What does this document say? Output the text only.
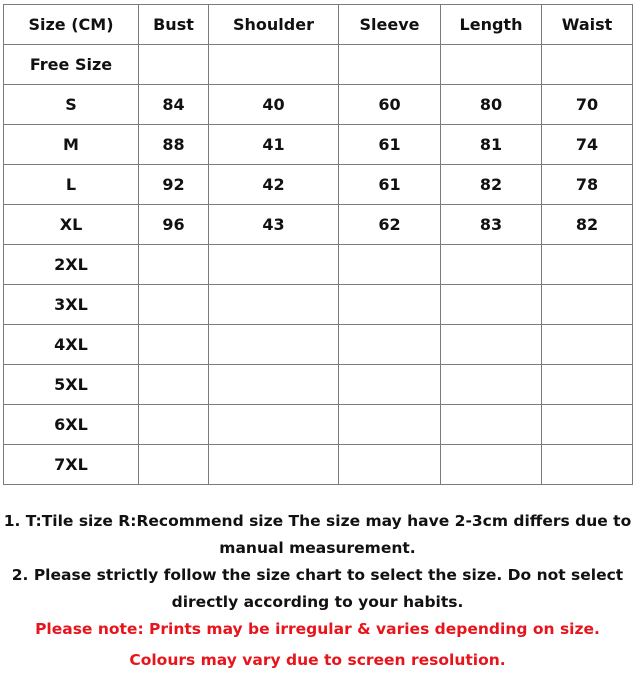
Size (CM)	Bust	Shoulder	Sleeve	Length	Waist
Free Size					
S	84	40	60	80	70
M	88	41	61	81	74
L	92	42	61	82	78
XL	96	43	62	83	82
2XL					
3XL					
4XL					
5XL					
6XL					
7XL					

1. T:Tile size R:Recommend size The size may have 2-3cm differs due to manual measurement.

2. Please strictly follow the size chart to select the size. Do not select directly according to your habits.

Please note: Prints may be irregular & varies depending on size.

Colours may vary due to screen resolution.
